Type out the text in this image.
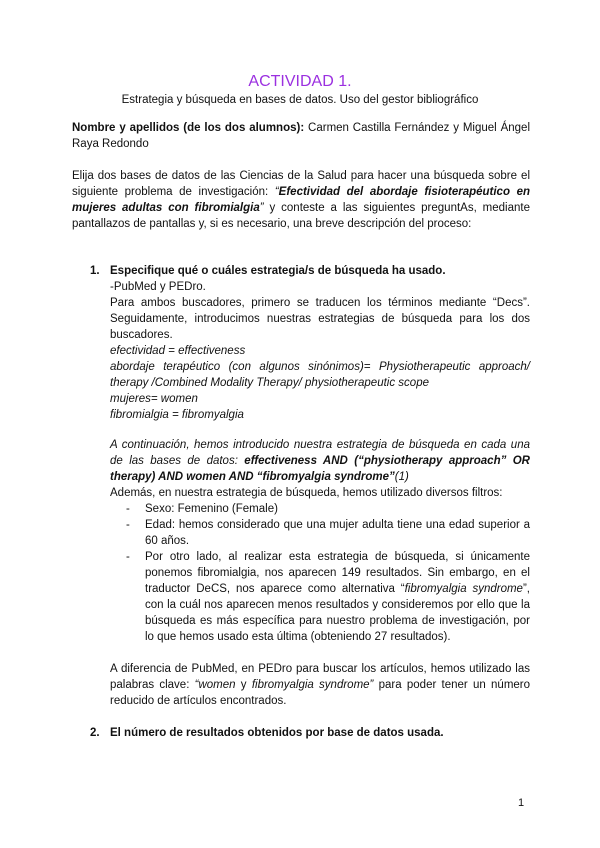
ACTIVIDAD 1.
Estrategia y búsqueda en bases de datos. Uso del gestor bibliográfico
Nombre y apellidos (de los dos alumnos): Carmen Castilla Fernández y Miguel Ángel Raya Redondo
Elija dos bases de datos de las Ciencias de la Salud para hacer una búsqueda sobre el siguiente problema de investigación: “Efectividad del abordaje fisioterapéutico en mujeres adultas con fibromialgia” y conteste a las siguientes preguntAs, mediante pantallazos de pantallas y, si es necesario, una breve descripción del proceso:
1. Especifique qué o cuáles estrategia/s de búsqueda ha usado.
-PubMed y PEDro.
Para ambos buscadores, primero se traducen los términos mediante “Decs”. Seguidamente, introducimos nuestras estrategias de búsqueda para los dos buscadores.
efectividad = effectiveness
abordaje terapéutico (con algunos sinónimos)= Physiotherapeutic approach/ therapy /Combined Modality Therapy/ physiotherapeutic scope
mujeres= women
fibromialgia = fibromyalgia
A continuación, hemos introducido nuestra estrategia de búsqueda en cada una de las bases de datos: effectiveness AND (“physiotherapy approach” OR therapy) AND women AND “fibromyalgia syndrome”(1)
Además, en nuestra estrategia de búsqueda, hemos utilizado diversos filtros:
- Sexo: Femenino (Female)
- Edad: hemos considerado que una mujer adulta tiene una edad superior a 60 años.
- Por otro lado, al realizar esta estrategia de búsqueda, si únicamente ponemos fibromialgia, nos aparecen 149 resultados. Sin embargo, en el traductor DeCS, nos aparece como alternativa “fibromyalgia syndrome”, con la cuál nos aparecen menos resultados y consideremos por ello que la búsqueda es más específica para nuestro problema de investigación, por lo que hemos usado esta última (obteniendo 27 resultados).
A diferencia de PubMed, en PEDro para buscar los artículos, hemos utilizado las palabras clave: “women y fibromyalgia syndrome” para poder tener un número reducido de artículos encontrados.
2. El número de resultados obtenidos por base de datos usada.
1
